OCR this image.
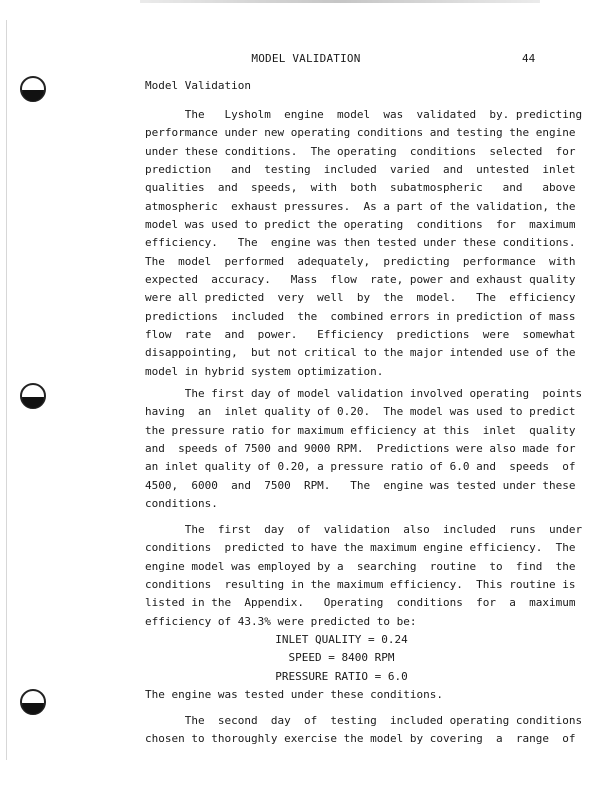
MODEL VALIDATION	44
Model Validation
The   Lysholm  engine  model  was  validated  by. predicting
performance under new operating conditions and testing the engine
under these conditions.  The operating  conditions  selected  for
prediction   and  testing  included  varied  and  untested  inlet
qualities  and  speeds,  with  both  subatmospheric   and   above
atmospheric  exhaust pressures.  As a part of the validation, the
model was used to predict the operating  conditions  for  maximum
efficiency.   The  engine was then tested under these conditions.
The  model  performed  adequately,  predicting  performance  with
expected  accuracy.   Mass  flow  rate, power and exhaust quality
were all predicted  very  well  by  the  model.   The  efficiency
predictions  included  the  combined errors in prediction of mass
flow  rate  and  power.   Efficiency  predictions  were  somewhat
disappointing,  but not critical to the major intended use of the
model in hybrid system optimization.
The first day of model validation involved operating  points
having  an  inlet quality of 0.20.  The model was used to predict
the pressure ratio for maximum efficiency at this  inlet  quality
and  speeds of 7500 and 9000 RPM.  Predictions were also made for
an inlet quality of 0.20, a pressure ratio of 6.0 and  speeds  of
4500,  6000  and  7500  RPM.   The  engine was tested under these
conditions.
The  first  day  of  validation  also  included  runs  under
conditions  predicted to have the maximum engine efficiency.  The
engine model was employed by a  searching  routine  to  find  the
conditions  resulting in the maximum efficiency.  This routine is
listed in the  Appendix.   Operating  conditions  for  a  maximum
efficiency of 43.3% were predicted to be:
INLET QUALITY = 0.24
SPEED = 8400 RPM
PRESSURE RATIO = 6.0
The engine was tested under these conditions.
The  second  day  of  testing  included operating conditions
chosen to thoroughly exercise the model by covering  a  range  of
